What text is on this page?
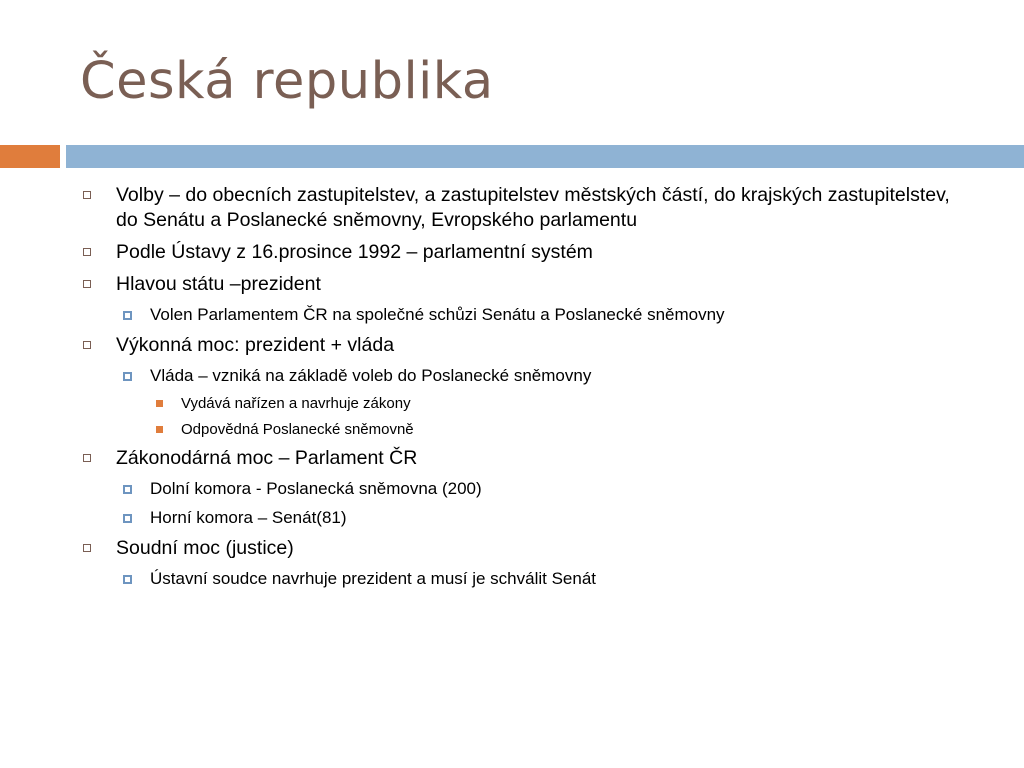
Česká republika
Volby – do obecních zastupitelstev, a zastupitelstev městských částí, do krajských zastupitelstev, do Senátu a Poslanecké sněmovny, Evropského parlamentu
Podle Ústavy z 16.prosince 1992 – parlamentní systém
Hlavou státu –prezident
Volen Parlamentem ČR na společné schůzi Senátu a Poslanecké sněmovny
Výkonná moc: prezident + vláda
Vláda – vzniká na základě voleb do Poslanecké sněmovny
Vydává nařízen a navrhuje zákony
Odpovědná Poslanecké sněmovně
Zákonodárná moc – Parlament ČR
Dolní komora - Poslanecká sněmovna (200)
Horní komora – Senát(81)
Soudní moc (justice)
Ústavní soudce navrhuje prezident a musí je schválit Senát
